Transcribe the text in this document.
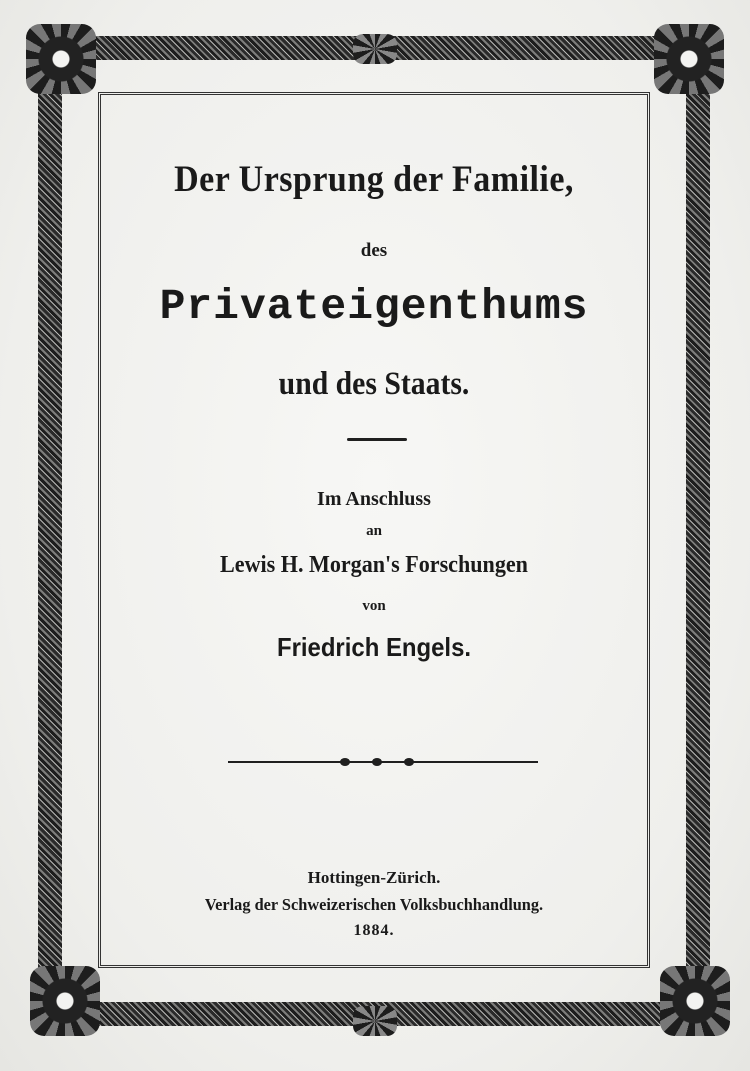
Der Ursprung der Familie,
des
Privateigenthums
und des Staats.
Im Anschluss
an
Lewis H. Morgan's Forschungen
von
Friedrich Engels.
Hottingen-Zürich.
Verlag der Schweizerischen Volksbuchhandlung.
1884.
